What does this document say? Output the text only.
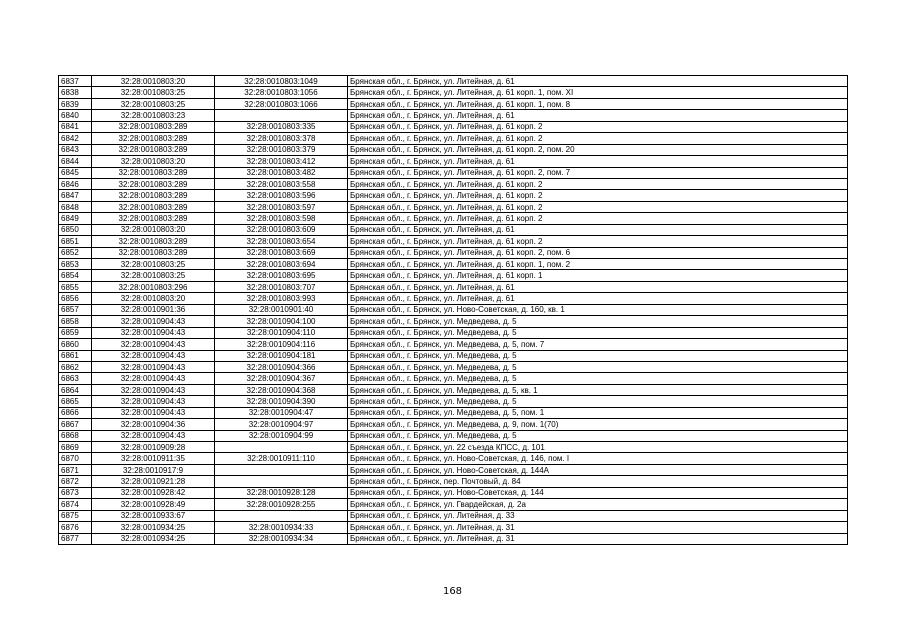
6837	32:28:0010803:20	32:28:0010803:1049	Брянская обл., г. Брянск, ул. Литейная, д. 61
6838	32:28:0010803:25	32:28:0010803:1056	Брянская обл., г. Брянск, ул. Литейная, д. 61 корп. 1, пом. XI
6839	32:28:0010803:25	32:28:0010803:1066	Брянская обл., г. Брянск, ул. Литейная, д. 61 корп. 1, пом. 8
6840	32:28:0010803:23		Брянская обл., г. Брянск, ул. Литейная, д. 61
6841	32:28:0010803:289	32:28:0010803:335	Брянская обл., г. Брянск, ул. Литейная, д. 61 корп. 2
6842	32:28:0010803:289	32:28:0010803:378	Брянская обл., г. Брянск, ул. Литейная, д. 61 корп. 2
6843	32:28:0010803:289	32:28:0010803:379	Брянская обл., г. Брянск, ул. Литейная, д. 61 корп. 2, пом. 20
6844	32:28:0010803:20	32:28:0010803:412	Брянская обл., г. Брянск, ул. Литейная, д. 61
6845	32:28:0010803:289	32:28:0010803:482	Брянская обл., г. Брянск, ул. Литейная, д. 61 корп. 2, пом. 7
6846	32:28:0010803:289	32:28:0010803:558	Брянская обл., г. Брянск, ул. Литейная, д. 61 корп. 2
6847	32:28:0010803:289	32:28:0010803:596	Брянская обл., г. Брянск, ул. Литейная, д. 61 корп. 2
6848	32:28:0010803:289	32:28:0010803:597	Брянская обл., г. Брянск, ул. Литейная, д. 61 корп. 2
6849	32:28:0010803:289	32:28:0010803:598	Брянская обл., г. Брянск, ул. Литейная, д. 61 корп. 2
6850	32:28:0010803:20	32:28:0010803:609	Брянская обл., г. Брянск, ул. Литейная, д. 61
6851	32:28:0010803:289	32:28:0010803:654	Брянская обл., г. Брянск, ул. Литейная, д. 61 корп. 2
6852	32:28:0010803:289	32:28:0010803:669	Брянская обл., г. Брянск, ул. Литейная, д. 61 корп. 2, пом. 6
6853	32:28:0010803:25	32:28:0010803:694	Брянская обл., г. Брянск, ул. Литейная, д. 61 корп. 1, пом. 2
6854	32:28:0010803:25	32:28:0010803:695	Брянская обл., г. Брянск, ул. Литейная, д. 61 корп. 1
6855	32:28:0010803:296	32:28:0010803:707	Брянская обл., г. Брянск, ул. Литейная, д. 61
6856	32:28:0010803:20	32:28:0010803:993	Брянская обл., г. Брянск, ул. Литейная, д. 61
6857	32:28:0010901:36	32:28:0010901:40	Брянская обл., г. Брянск, ул. Ново-Советская, д. 160, кв. 1
6858	32:28:0010904:43	32:28:0010904:100	Брянская обл., г. Брянск, ул. Медведева, д. 5
6859	32:28:0010904:43	32:28:0010904:110	Брянская обл., г. Брянск, ул. Медведева, д. 5
6860	32:28:0010904:43	32:28:0010904:116	Брянская обл., г. Брянск, ул. Медведева, д. 5, пом. 7
6861	32:28:0010904:43	32:28:0010904:181	Брянская обл., г. Брянск, ул. Медведева, д. 5
6862	32:28:0010904:43	32:28:0010904:366	Брянская обл., г. Брянск, ул. Медведева, д. 5
6863	32:28:0010904:43	32:28:0010904:367	Брянская обл., г. Брянск, ул. Медведева, д. 5
6864	32:28:0010904:43	32:28:0010904:368	Брянская обл., г. Брянск, ул. Медведева, д. 5, кв. 1
6865	32:28:0010904:43	32:28:0010904:390	Брянская обл., г. Брянск, ул. Медведева, д. 5
6866	32:28:0010904:43	32:28:0010904:47	Брянская обл., г. Брянск, ул. Медведева, д. 5, пом. 1
6867	32:28:0010904:36	32:28:0010904:97	Брянская обл., г. Брянск, ул. Медведева, д. 9, пом. 1(70)
6868	32:28:0010904:43	32:28:0010904:99	Брянская обл., г. Брянск, ул. Медведева, д. 5
6869	32:28:0010909:28		Брянская обл., г. Брянск, ул. 22 съезда КПСС, д. 101
6870	32:28:0010911:35	32:28:0010911:110	Брянская обл., г. Брянск, ул. Ново-Советская, д. 146, пом. I
6871	32:28:0010917:9		Брянская обл., г. Брянск, ул. Ново-Советская, д. 144А
6872	32:28:0010921:28		Брянская обл., г. Брянск, пер. Почтовый, д. 84
6873	32:28:0010928:42	32:28:0010928:128	Брянская обл., г. Брянск, ул. Ново-Советская, д. 144
6874	32:28:0010928:49	32:28:0010928:255	Брянская обл., г. Брянск, ул. Гвардейская, д. 2а
6875	32:28:0010933:67		Брянская обл., г. Брянск, ул. Литейная, д. 33
6876	32:28:0010934:25	32:28:0010934:33	Брянская обл., г. Брянск, ул. Литейная, д. 31
6877	32:28:0010934:25	32:28:0010934:34	Брянская обл., г. Брянск, ул. Литейная, д. 31
168
